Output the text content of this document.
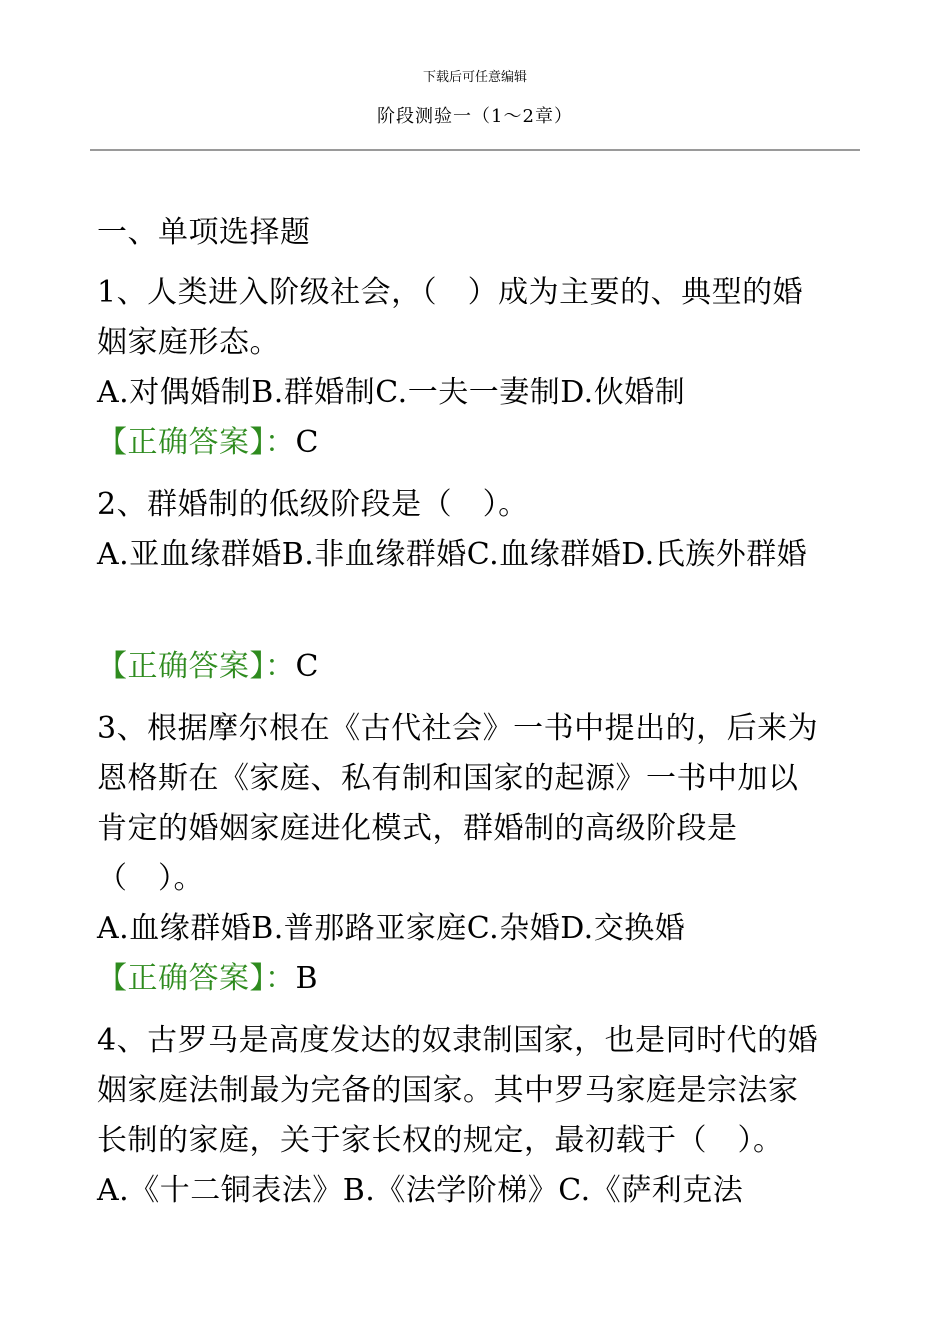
下载后可任意编辑
阶段测验一（1～2章）
一、单项选择题
1、人类进入阶级社会，（　）成为主要的、典型的婚
姻家庭形态。
A.对偶婚制B.群婚制C.一夫一妻制D.伙婚制
【正确答案】：C
2、群婚制的低级阶段是（　）。
A.亚血缘群婚B.非血缘群婚C.血缘群婚D.氏族外群婚
【正确答案】：C
3、根据摩尔根在《古代社会》一书中提出的，后来为
恩格斯在《家庭、私有制和国家的起源》一书中加以
肯定的婚姻家庭进化模式，群婚制的高级阶段是
（　）。
A.血缘群婚B.普那路亚家庭C.杂婚D.交换婚
【正确答案】：B
4、古罗马是高度发达的奴隶制国家，也是同时代的婚
姻家庭法制最为完备的国家。其中罗马家庭是宗法家
长制的家庭，关于家长权的规定，最初载于（　）。
A.《十二铜表法》B.《法学阶梯》C.《萨利克法
